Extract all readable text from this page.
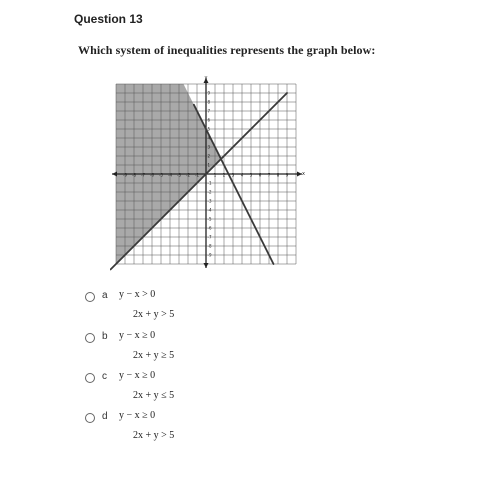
Question 13
Which system of inequalities represents the graph below:
-9 -8 -7 -6 -5 -4 -3 -2 -1	1 2 3 4 5 6 7 8 9
9
8
7
6
5
4
3
2
1
-1
-2
-3
-4
-5
-6
-7
-8
-9
x
y
a y − x > 0
2x + y > 5
b y − x ≥ 0
2x + y ≥ 5
c y − x ≥ 0
2x + y ≤ 5
d y − x ≥ 0
2x + y > 5
